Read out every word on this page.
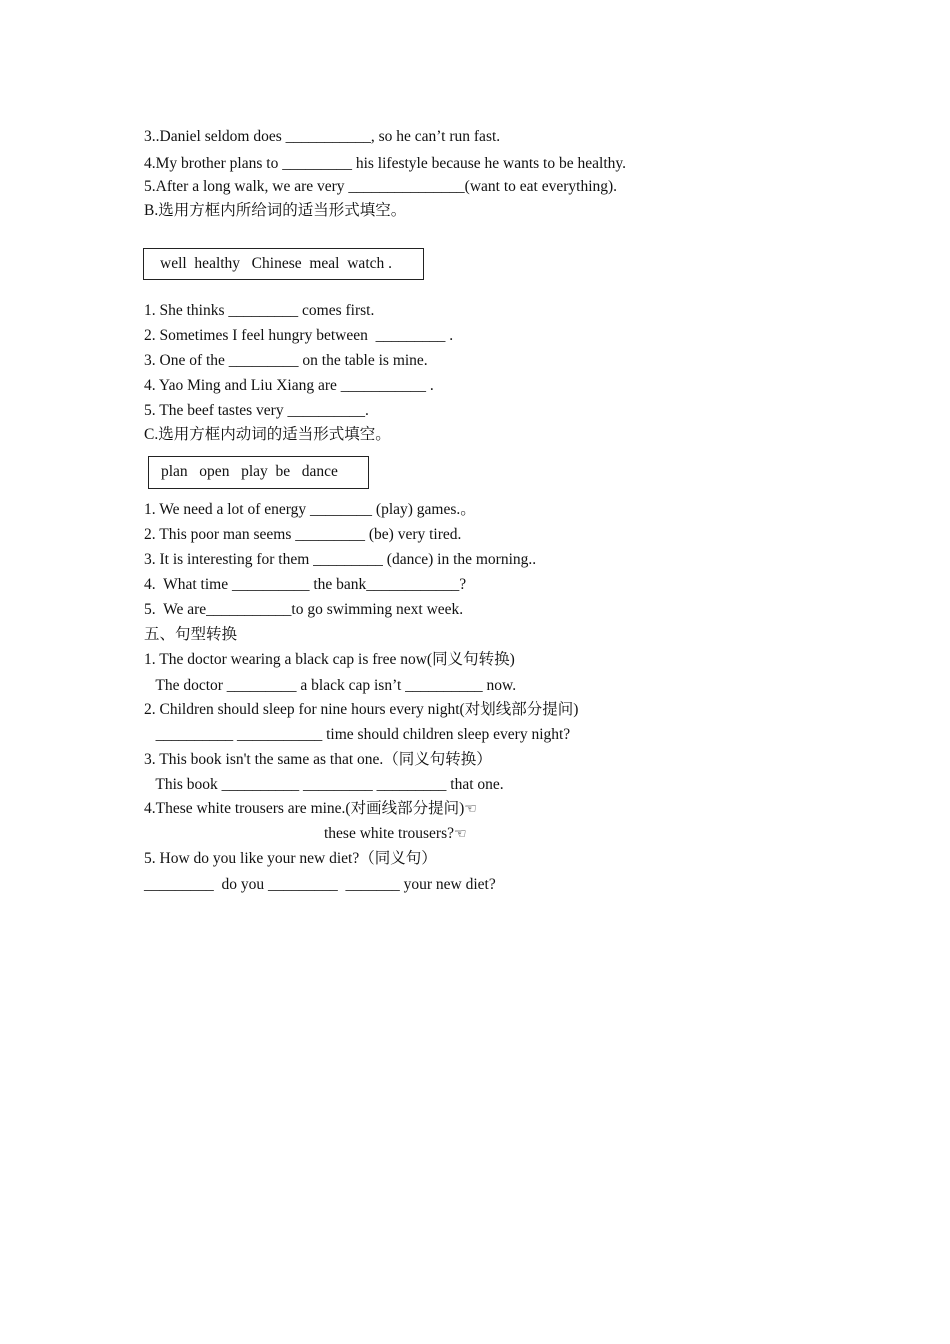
3..Daniel seldom does ___________, so he can’t run fast.
4.My brother plans to _________ his lifestyle because he wants to be healthy.
5.After a long walk, we are very _______________(want to eat everything).
B.选用方框内所给词的适当形式填空。
well  healthy   Chinese  meal  watch .
1. She thinks _________ comes first.
2. Sometimes I feel hungry between  _________ .
3. One of the _________ on the table is mine.
4. Yao Ming and Liu Xiang are ___________ .
5. The beef tastes very __________.
C.选用方框内动词的适当形式填空。
plan   open   play  be   dance
1. We need a lot of energy ________ (play) games.。
2. This poor man seems _________ (be) very tired.
3. It is interesting for them _________ (dance) in the morning..
4.  What time __________ the bank____________?
5.  We are___________to go swimming next week.
五、句型转换
1. The doctor wearing a black cap is free now(同义句转换)
The doctor _________ a black cap isn’t __________ now.
2. Children should sleep for nine hours every night(对划线部分提问)
__________ ___________ time should children sleep every night?
3. This book isn't the same as that one.（同义句转换）
This book __________ _________ _________ that one.
4.These white trousers are mine.(对画线部分提问)☜
these white trousers?☜
5. How do you like your new diet?（同义句）
_________  do you _________  _______ your new diet?
